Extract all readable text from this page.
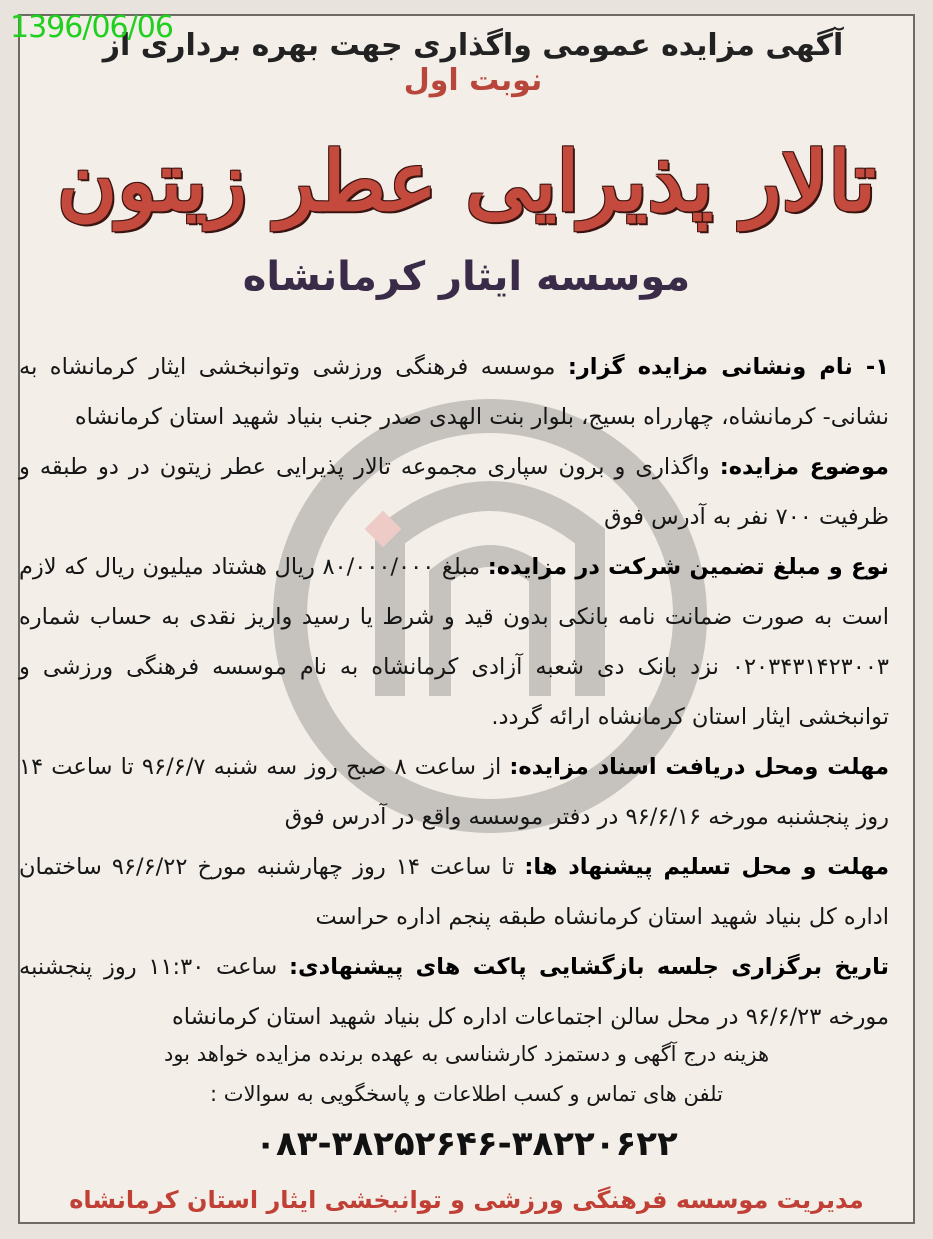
آگهی مزایده عمومی واگذاری جهت بهره برداری از نوبت اول
تالار پذیرایی عطر زیتون
موسسه ایثار کرمانشاه

۱- نام ونشانی مزایده گزار: موسسه فرهنگی ورزشی وتوانبخشی ایثار کرمانشاه به نشانی- کرمانشاه، چهارراه بسیج، بلوار بنت الهدی صدر جنب بنیاد شهید استان کرمانشاه

موضوع مزایده: واگذاری و برون سپاری مجموعه تالار پذیرایی عطر زیتون در دو طبقه و ظرفیت ۷۰۰ نفر به آدرس فوق

نوع و مبلغ تضمین شرکت در مزایده: مبلغ ۸۰/۰۰۰/۰۰۰ ریال هشتاد میلیون ریال که لازم است به صورت ضمانت نامه بانکی بدون قید و شرط یا رسید واریز نقدی به حساب شماره ۰۲۰۳۴۳۱۴۲۳۰۰۳ نزد بانک دی شعبه آزادی کرمانشاه به نام موسسه فرهنگی ورزشی و توانبخشی ایثار استان کرمانشاه ارائه گردد.

مهلت ومحل دریافت اسناد مزایده: از ساعت ۸ صبح روز سه شنبه ۹۶/۶/۷ تا ساعت ۱۴ روز پنجشنبه مورخه ۹۶/۶/۱۶ در دفتر موسسه واقع در آدرس فوق

مهلت و محل تسلیم پیشنهاد ها: تا ساعت ۱۴ روز چهارشنبه مورخ ۹۶/۶/۲۲ ساختمان اداره کل بنیاد شهید استان کرمانشاه طبقه پنجم اداره حراست

تاریخ برگزاری جلسه بازگشایی پاکت های پیشنهادی: ساعت ۱۱:۳۰ روز پنجشنبه مورخه ۹۶/۶/۲۳ در محل سالن اجتماعات اداره کل بنیاد شهید استان کرمانشاه

هزینه درج آگهی و دستمزد کارشناسی به عهده برنده مزایده خواهد بود
تلفن های تماس و کسب اطلاعات و پاسخگویی به سوالات :
۰۸۳-۳۸۲۵۲۶۴۶-۳۸۲۲۰۶۲۲
مدیریت موسسه فرهنگی ورزشی و توانبخشی ایثار استان کرمانشاه
1396/06/06
